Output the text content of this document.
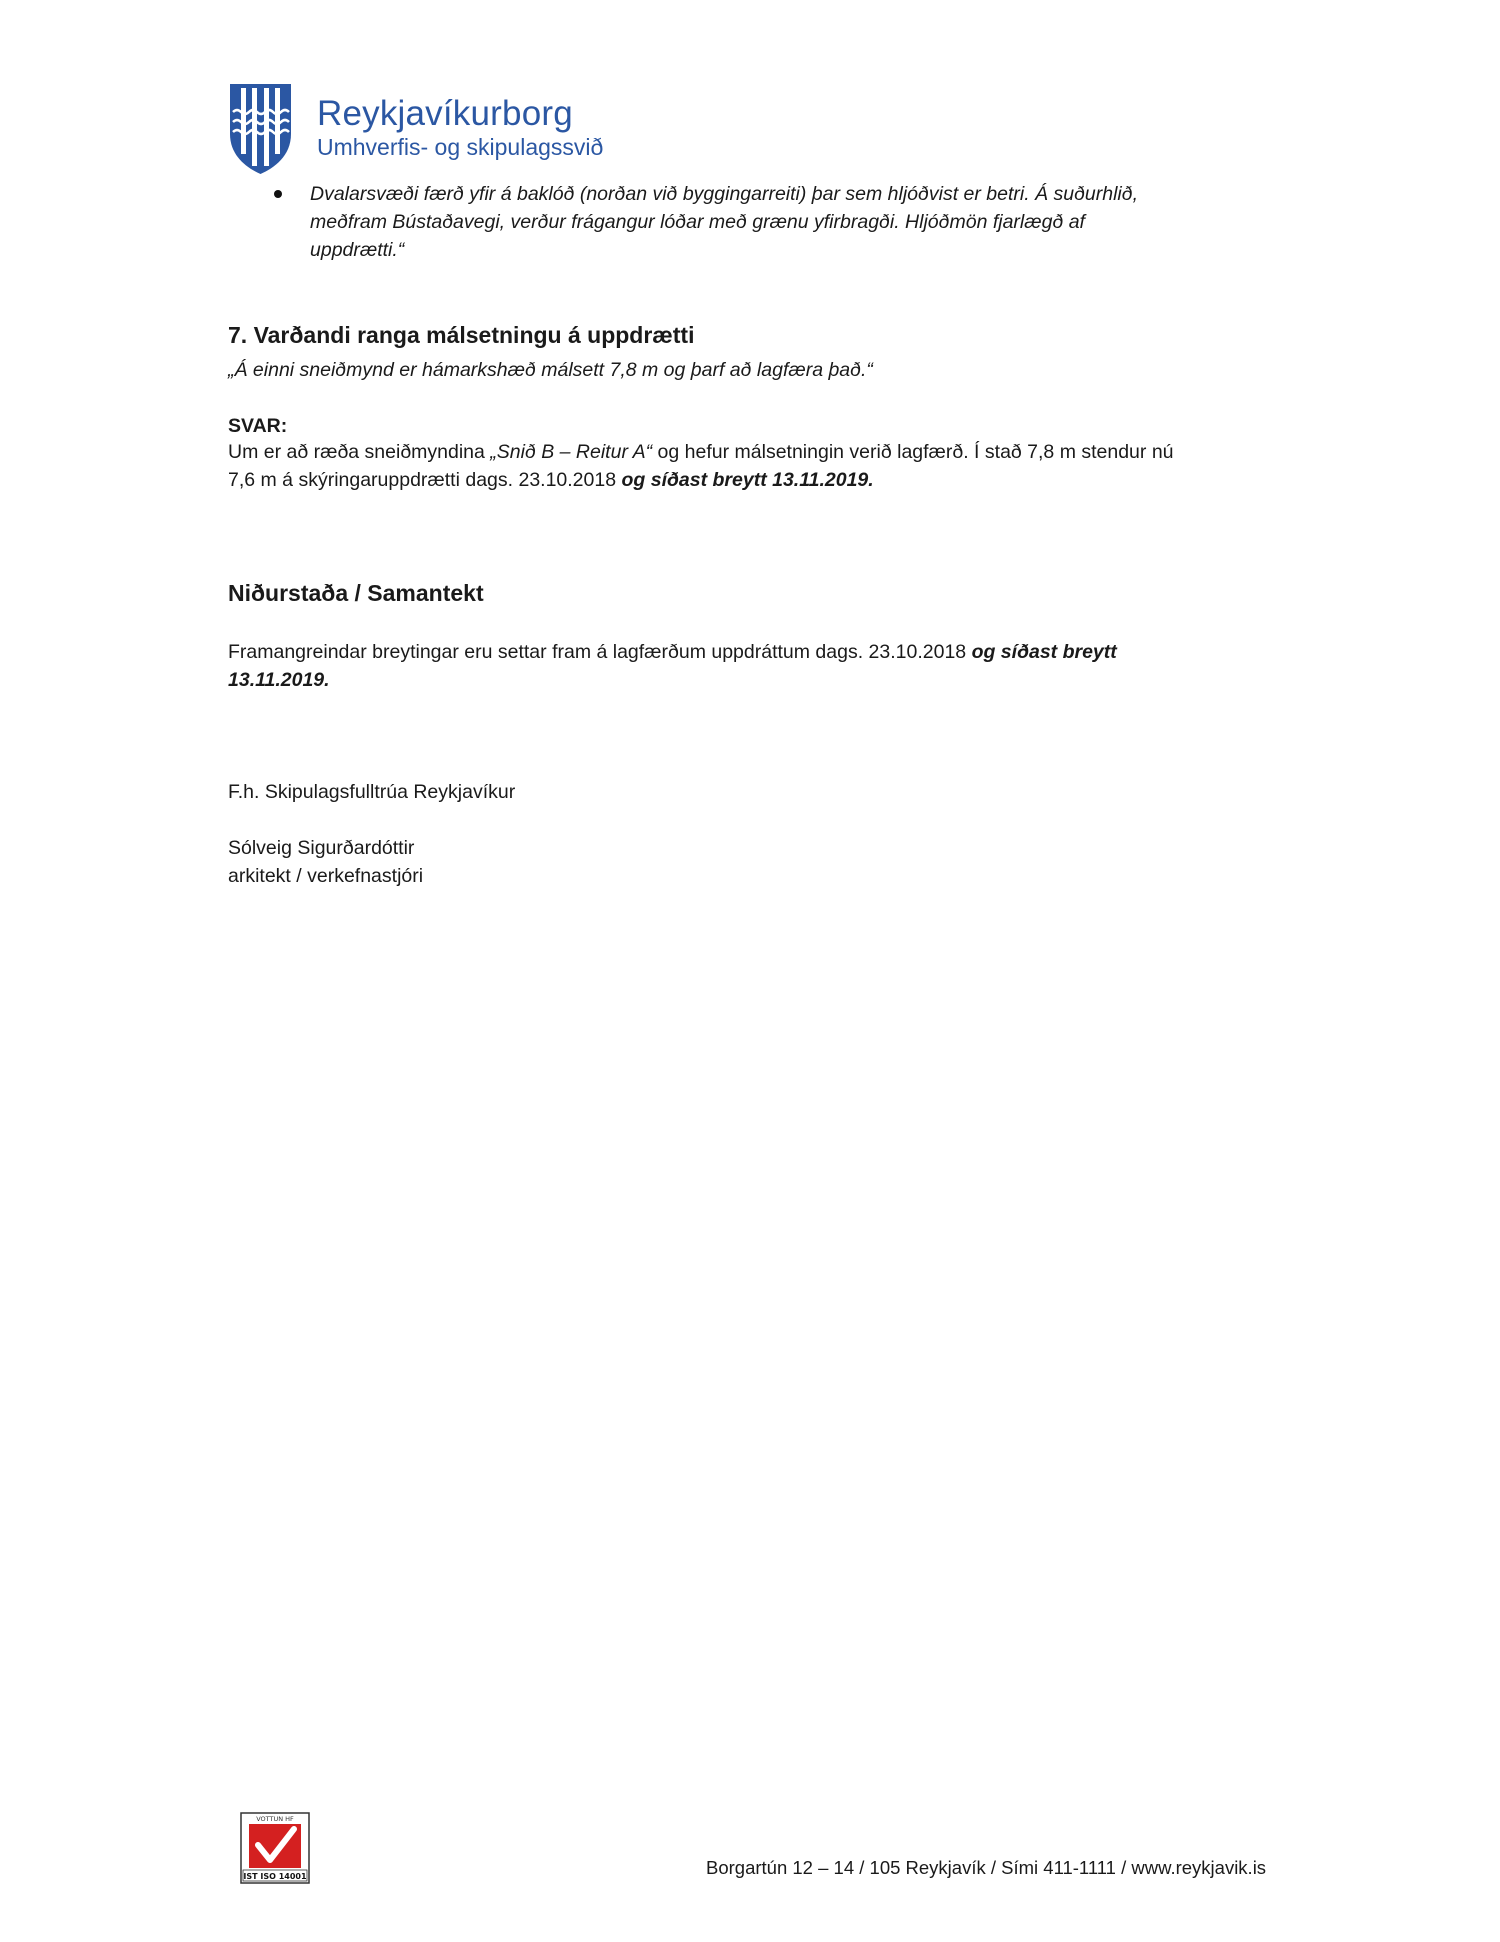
Reykjavíkurborg
Umhverfis- og skipulagssvið
Dvalarsvæði færð yfir á baklóð (norðan við byggingarreiti) þar sem hljóðvist er betri. Á suðurhlið,
meðfram Bústaðavegi, verður frágangur lóðar með grænu yfirbragði. Hljóðmön fjarlægð af
uppdrætti.“
7. Varðandi ranga málsetningu á uppdrætti
„Á einni sneiðmynd er hámarkshæð málsett 7,8 m og þarf að lagfæra það.“
SVAR:
Um er að ræða sneiðmyndina „Snið B – Reitur A“ og hefur málsetningin verið lagfærð. Í stað 7,8 m stendur nú
7,6 m á skýringaruppdrætti dags. 23.10.2018 og síðast breytt 13.11.2019.
Niðurstaða / Samantekt
Framangreindar breytingar eru settar fram á lagfærðum uppdráttum dags. 23.10.2018 og síðast breytt
13.11.2019.
F.h. Skipulagsfulltrúa Reykjavíkur
Sólveig Sigurðardóttir
arkitekt / verkefnastjóri
VOTTUN HF
IST ISO 14001	Borgartún 12 – 14 / 105 Reykjavík / Sími 411-1111 / www.reykjavik.is
